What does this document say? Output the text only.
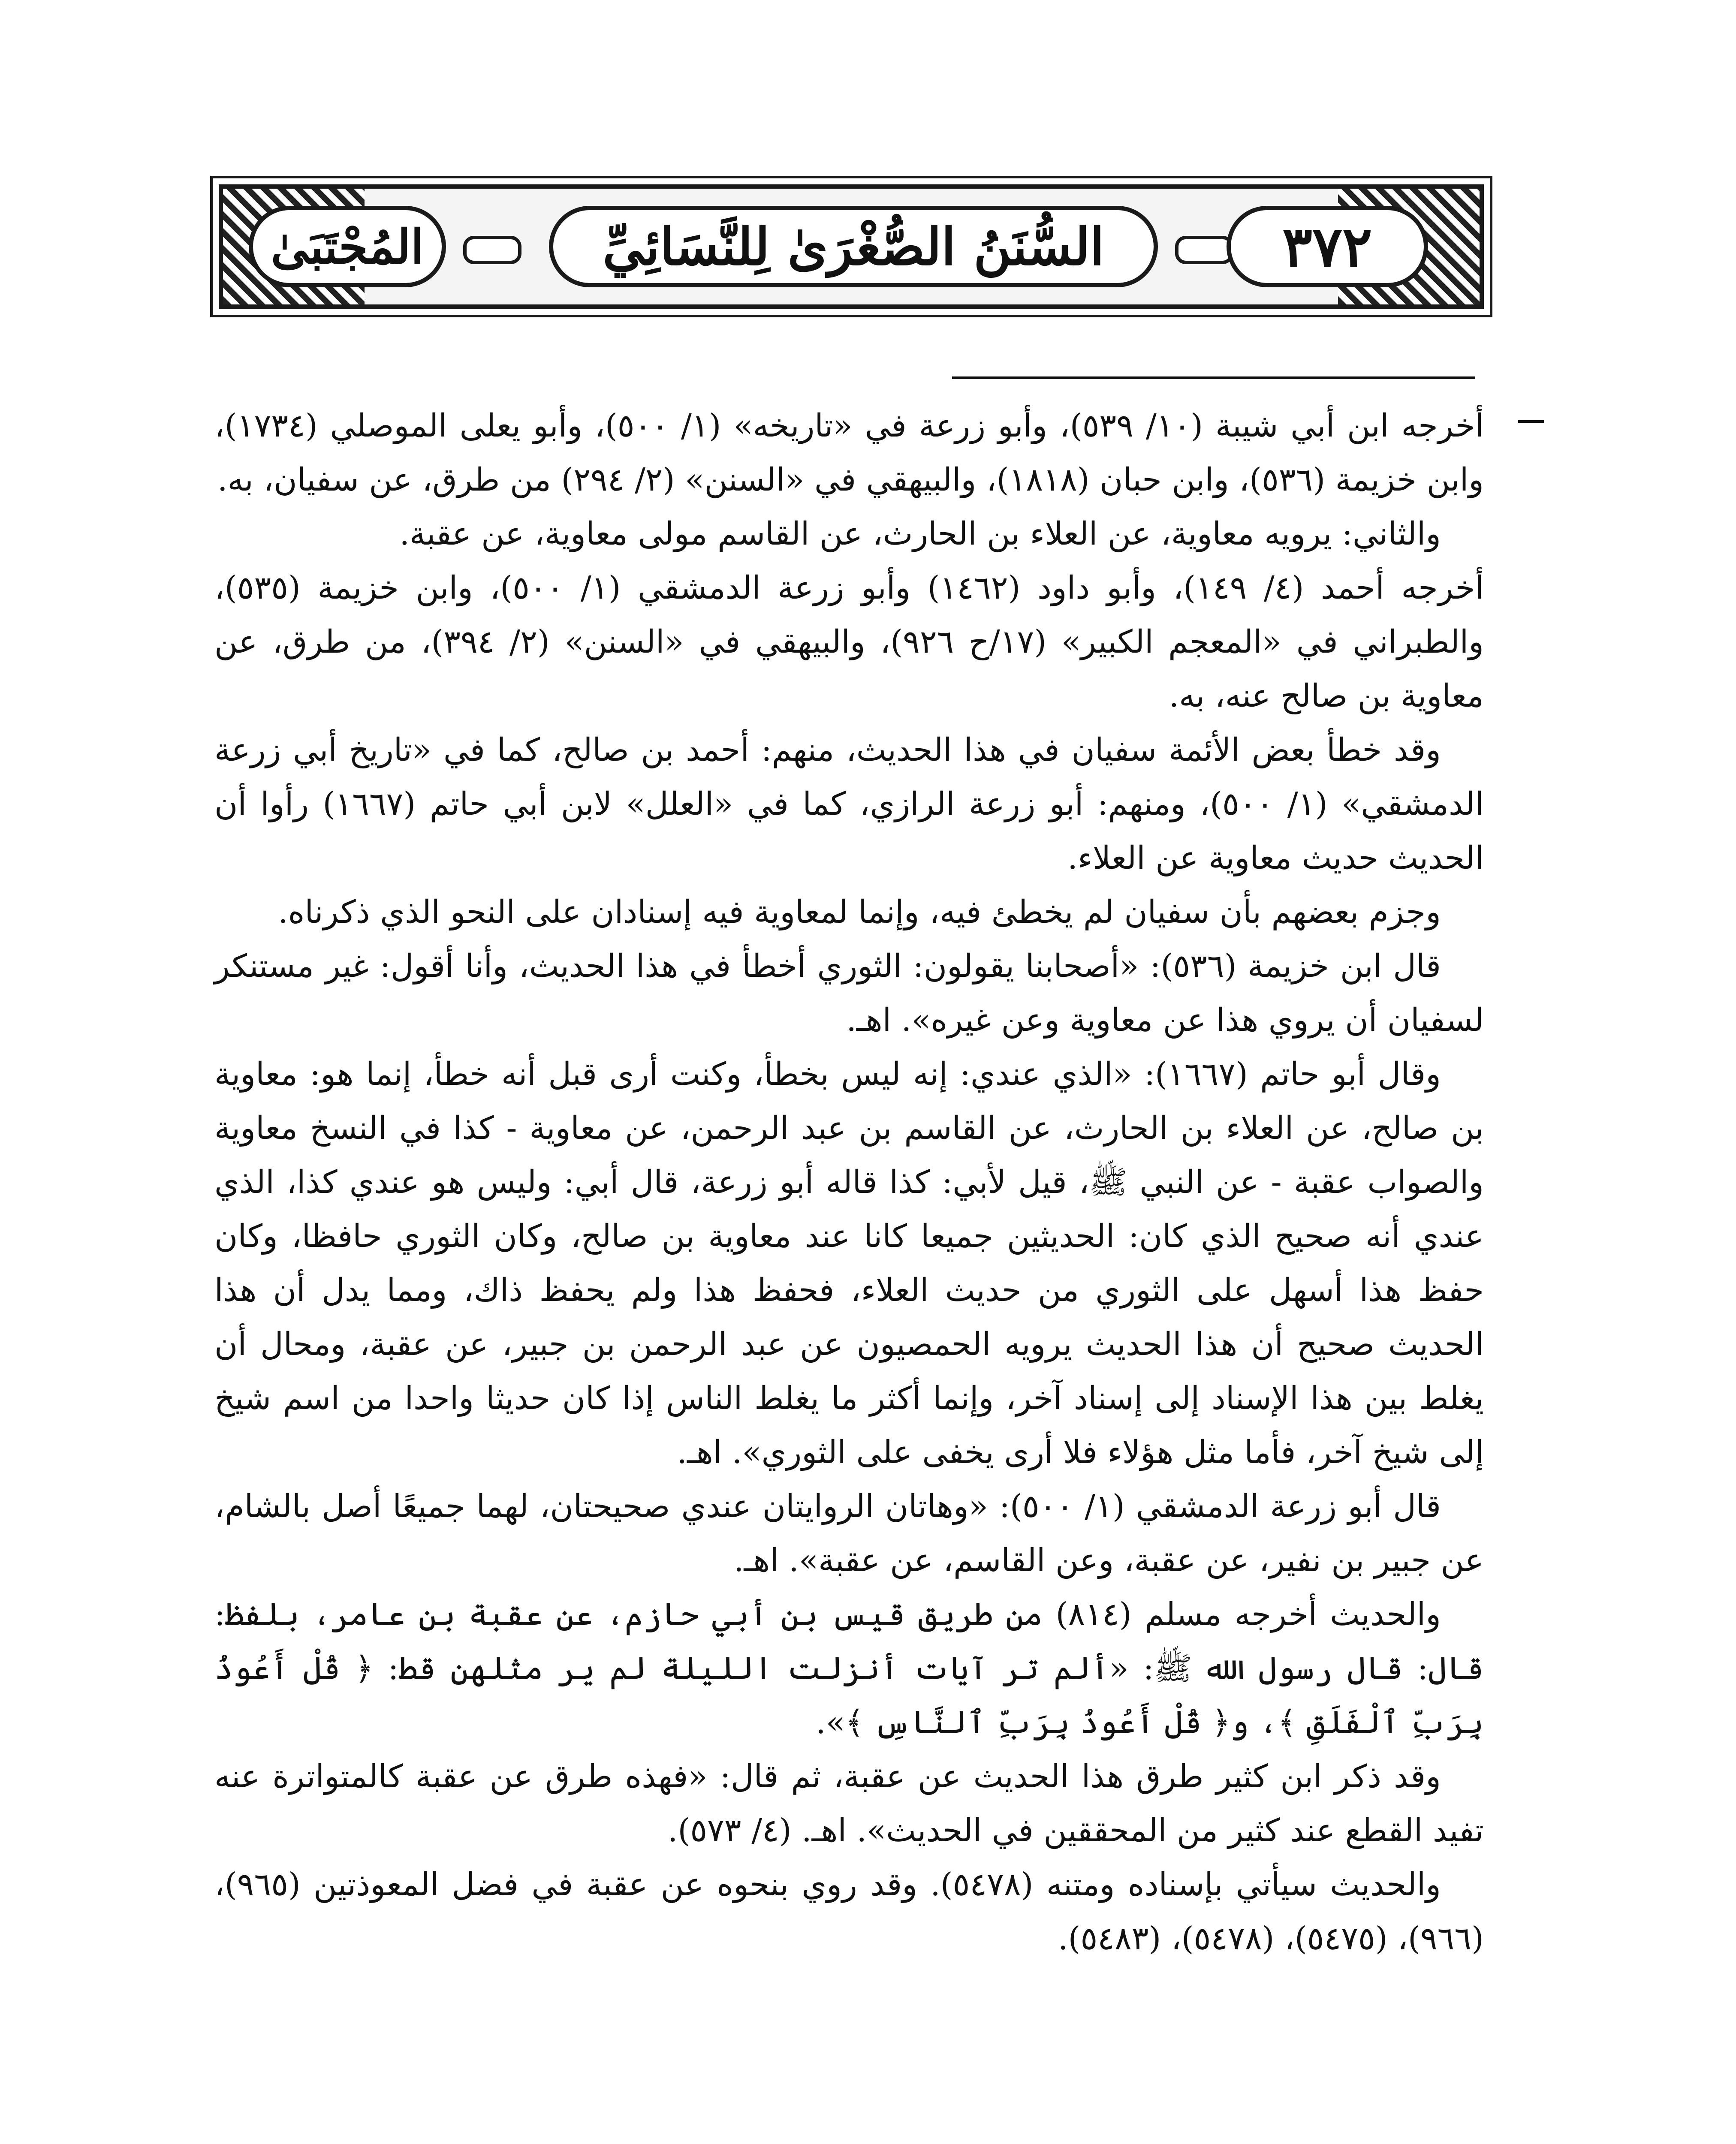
المُجْتَبَىٰ	السُّنَنُ الصُّغْرَىٰ لِلنَّسَائِيِّ	٣٧٢

أخرجه ابن أبي شيبة (١٠/ ٥٣٩)، وأبو زرعة في «تاريخه» (١/ ٥٠٠)، وأبو يعلى الموصلي (١٧٣٤)، وابن خزيمة (٥٣٦)، وابن حبان (١٨١٨)، والبيهقي في «السنن» (٢/ ٢٩٤) من طرق، عن سفيان، به.

والثاني: يرويه معاوية، عن العلاء بن الحارث، عن القاسم مولى معاوية، عن عقبة.

أخرجه أحمد (٤/ ١٤٩)، وأبو داود (١٤٦٢) وأبو زرعة الدمشقي (١/ ٥٠٠)، وابن خزيمة (٥٣٥)، والطبراني في «المعجم الكبير» (١٧/ح ٩٢٦)، والبيهقي في «السنن» (٢/ ٣٩٤)، من طرق، عن معاوية بن صالح عنه، به.

وقد خطأ بعض الأئمة سفيان في هذا الحديث، منهم: أحمد بن صالح، كما في «تاريخ أبي زرعة الدمشقي» (١/ ٥٠٠)، ومنهم: أبو زرعة الرازي، كما في «العلل» لابن أبي حاتم (١٦٦٧) رأوا أن الحديث حديث معاوية عن العلاء.

وجزم بعضهم بأن سفيان لم يخطئ فيه، وإنما لمعاوية فيه إسنادان على النحو الذي ذكرناه.

قال ابن خزيمة (٥٣٦): «أصحابنا يقولون: الثوري أخطأ في هذا الحديث، وأنا أقول: غير مستنكر لسفيان أن يروي هذا عن معاوية وعن غيره». اهـ.

وقال أبو حاتم (١٦٦٧): «الذي عندي: إنه ليس بخطأ، وكنت أرى قبل أنه خطأ، إنما هو: معاوية بن صالح، عن العلاء بن الحارث، عن القاسم بن عبد الرحمن، عن معاوية - كذا في النسخ معاوية والصواب عقبة - عن النبي ﷺ، قيل لأبي: كذا قاله أبو زرعة، قال أبي: وليس هو عندي كذا، الذي عندي أنه صحيح الذي كان: الحديثين جميعا كانا عند معاوية بن صالح، وكان الثوري حافظا، وكان حفظ هذا أسهل على الثوري من حديث العلاء، فحفظ هذا ولم يحفظ ذاك، ومما يدل أن هذا الحديث صحيح أن هذا الحديث يرويه الحمصيون عن عبد الرحمن بن جبير، عن عقبة، ومحال أن يغلط بين هذا الإسناد إلى إسناد آخر، وإنما أكثر ما يغلط الناس إذا كان حديثا واحدا من اسم شيخ إلى شيخ آخر، فأما مثل هؤلاء فلا أرى يخفى على الثوري». اهـ.

قال أبو زرعة الدمشقي (١/ ٥٠٠): «وهاتان الروايتان عندي صحيحتان، لهما جميعًا أصل بالشام، عن جبير بن نفير، عن عقبة، وعن القاسم، عن عقبة». اهـ.

والحديث أخرجه مسلم (٨١٤) من طريق قيس بن أبي حازم، عن عقبة بن عامر، بلفظ: قال: قال رسول الله ﷺ: «ألم تر آيات أنزلت الليلة لم ير مثلهن قط: ﴿ قُلْ أَعُوذُ بِرَبِّ ٱلْفَلَقِ ﴾، و﴿ قُلْ أَعُوذُ بِرَبِّ ٱلنَّاسِ ﴾».

وقد ذكر ابن كثير طرق هذا الحديث عن عقبة، ثم قال: «فهذه طرق عن عقبة كالمتواترة عنه تفيد القطع عند كثير من المحققين في الحديث». اهـ. (٤/ ٥٧٣).

والحديث سيأتي بإسناده ومتنه (٥٤٧٨). وقد روي بنحوه عن عقبة في فضل المعوذتين (٩٦٥)، (٩٦٦)، (٥٤٧٥)، (٥٤٧٨)، (٥٤٨٣).
